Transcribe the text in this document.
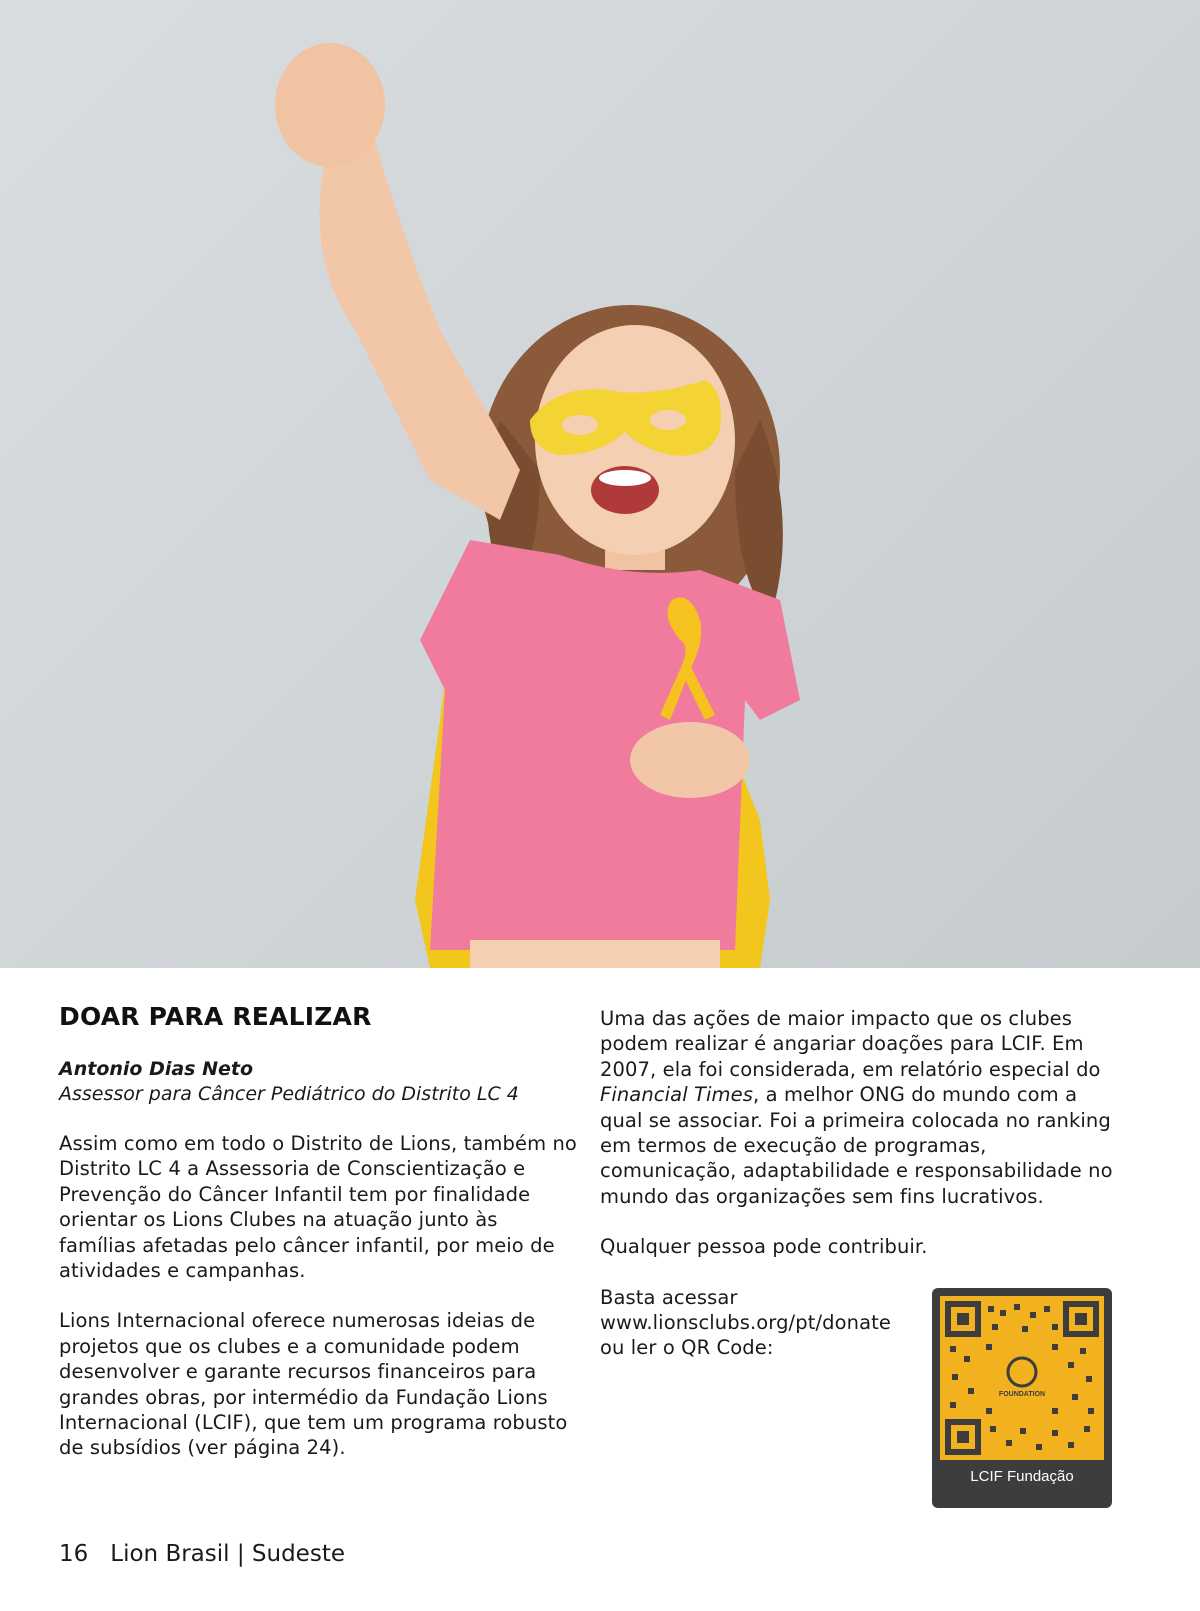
DOAR PARA REALIZAR

Antonio Dias Neto

Assessor para Câncer Pediátrico do Distrito LC 4

Assim como em todo o Distrito de Lions, também no Distrito LC 4 a Assessoria de Conscientização e Prevenção do Câncer Infantil tem por finalidade orientar os Lions Clubes na atuação junto às famílias afetadas pelo câncer infantil, por meio de atividades e campanhas.

Lions Internacional oferece numerosas ideias de projetos que os clubes e a comunidade podem desenvolver e garante recursos financeiros para grandes obras, por intermédio da Fundação Lions Internacional (LCIF), que tem um programa robusto de subsídios (ver página 24).

Uma das ações de maior impacto que os clubes podem realizar é angariar doações para LCIF. Em 2007, ela foi considerada, em relatório especial do Financial Times, a melhor ONG do mundo com a qual se associar. Foi a primeira colocada no ranking em termos de execução de programas, comunicação, adaptabilidade e responsabilidade no mundo das organizações sem fins lucrativos.

Qualquer pessoa pode contribuir.

Basta acessar
www.lionsclubs.org/pt/donate
ou ler o QR Code:

FOUNDATION
LCIF Fundação
16 Lion Brasil | Sudeste
